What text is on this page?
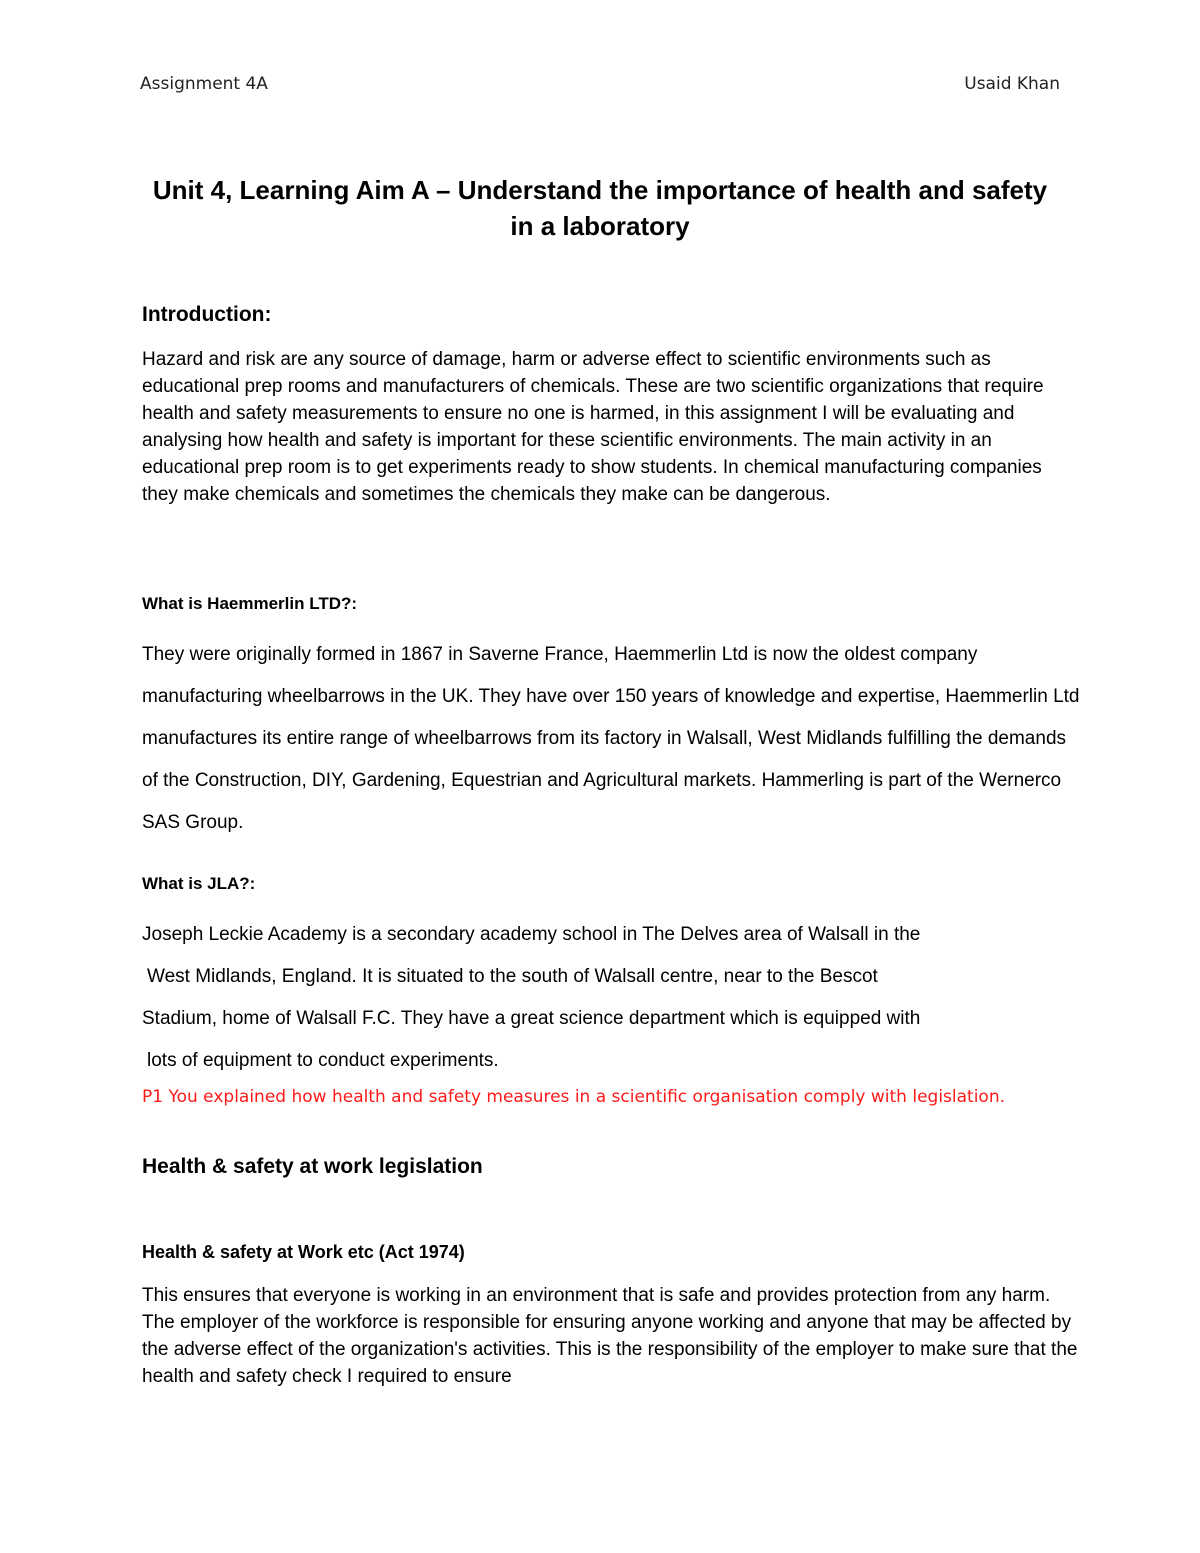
Assignment 4A	Usaid Khan
Unit 4, Learning Aim A – Understand the importance of health and safety in a laboratory
Introduction:

Hazard and risk are any source of damage, harm or adverse effect to scientific environments such as educational prep rooms and manufacturers of chemicals. These are two scientific organizations that require health and safety measurements to ensure no one is harmed, in this assignment I will be evaluating and analysing how health and safety is important for these scientific environments. The main activity in an educational prep room is to get experiments ready to show students. In chemical manufacturing companies they make chemicals and sometimes the chemicals they make can be dangerous.

What is Haemmerlin LTD?:

They were originally formed in 1867 in Saverne France, Haemmerlin Ltd is now the oldest company manufacturing wheelbarrows in the UK. They have over 150 years of knowledge and expertise, Haemmerlin Ltd manufactures its entire range of wheelbarrows from its factory in Walsall, West Midlands fulfilling the demands of the Construction, DIY, Gardening, Equestrian and Agricultural markets. Hammerling is part of the Wernerco SAS Group.

What is JLA?:
Joseph Leckie Academy is a secondary academy school in The Delves area of Walsall in the
West Midlands, England. It is situated to the south of Walsall centre, near to the Bescot
Stadium, home of Walsall F.C. They have a great science department which is equipped with
lots of equipment to conduct experiments.

P1 You explained how health and safety measures in a scientific organisation comply with legislation.

Health & safety at work legislation
Health & safety at Work etc (Act 1974)

This ensures that everyone is working in an environment that is safe and provides protection from any harm. The employer of the workforce is responsible for ensuring anyone working and anyone that may be affected by the adverse effect of the organization's activities. This is the responsibility of the employer to make sure that the health and safety check I required to ensure
